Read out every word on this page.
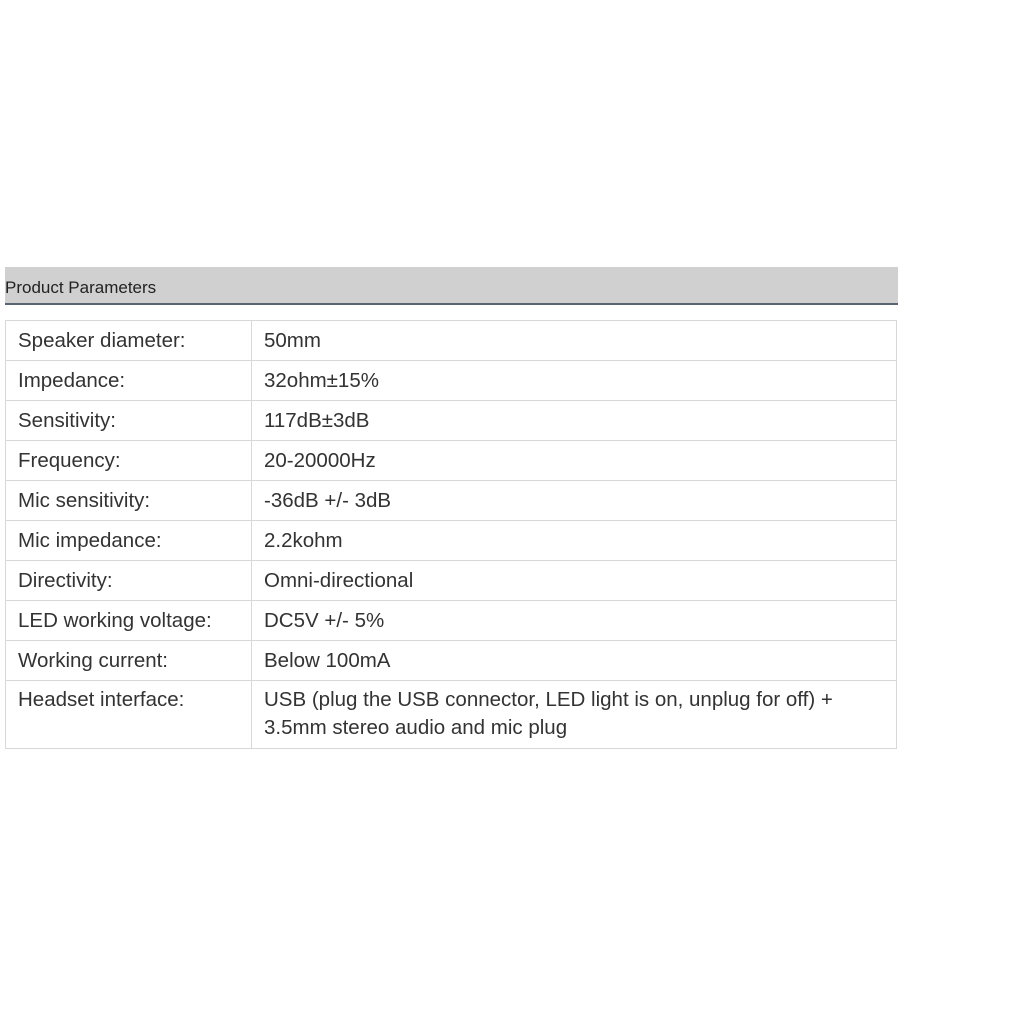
Product Parameters
Speaker diameter:	50mm
Impedance:	32ohm±15%
Sensitivity:	117dB±3dB
Frequency:	20-20000Hz
Mic sensitivity:	-36dB +/- 3dB
Mic impedance:	2.2kohm
Directivity:	Omni-directional
LED working voltage:	DC5V +/- 5%
Working current:	Below 100mA
Headset interface:	USB (plug the USB connector, LED light is on, unplug for off) + 3.5mm stereo audio and mic plug
